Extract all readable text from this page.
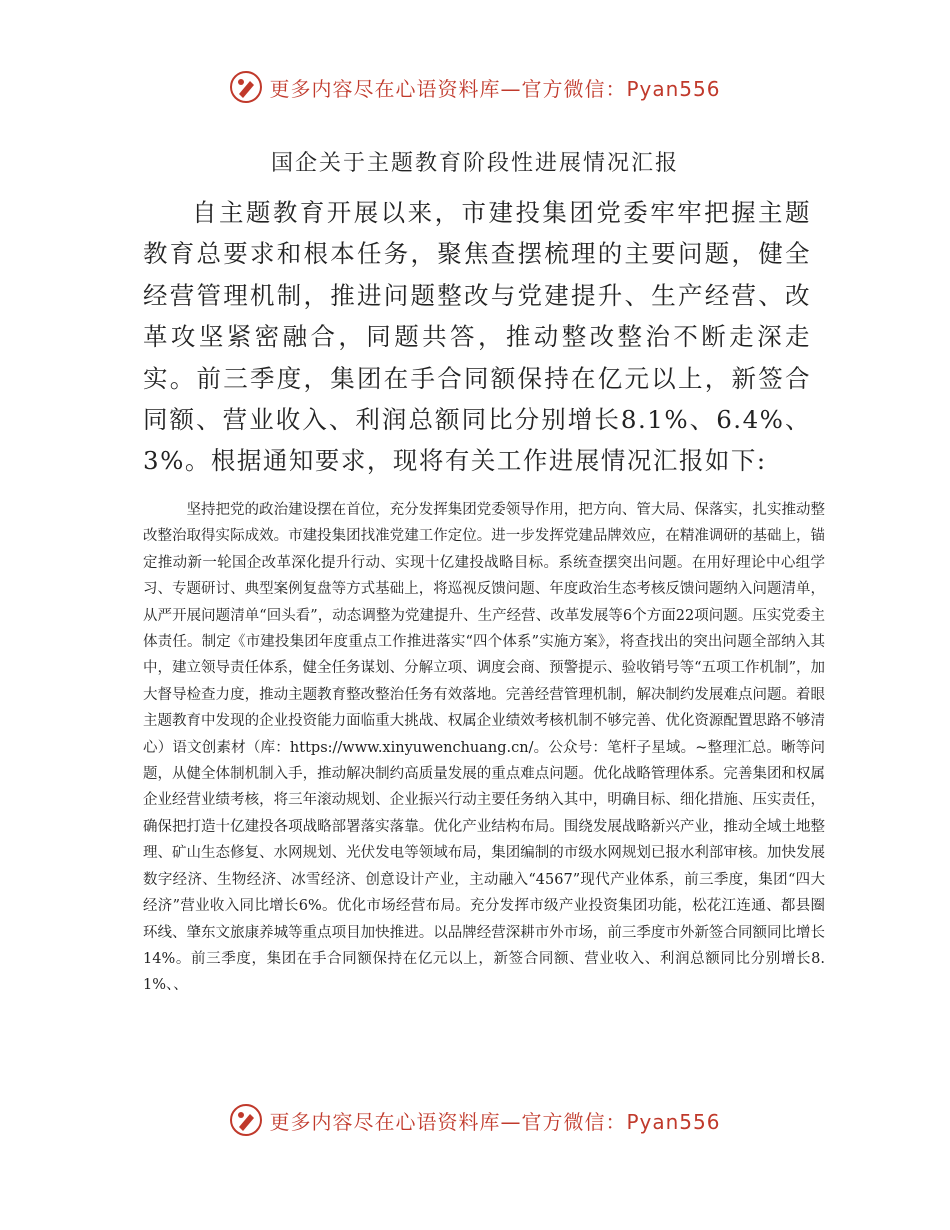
更多内容尽在心语资料库—官方微信：Pyan556
国企关于主题教育阶段性进展情况汇报

自主题教育开展以来，市建投集团党委牢牢把握主题教育总要求和根本任务，聚焦查摆梳理的主要问题，健全经营管理机制，推进问题整改与党建提升、生产经营、改革攻坚紧密融合，同题共答，推动整改整治不断走深走实。前三季度，集团在手合同额保持在亿元以上，新签合同额、营业收入、利润总额同比分别增长8.1%、6.4%、3%。根据通知要求，现将有关工作进展情况汇报如下:

坚持把党的政治建设摆在首位，充分发挥集团党委领导作用，把方向、管大局、保落实，扎实推动整改整治取得实际成效。市建投集团找准党建工作定位。进一步发挥党建品牌效应，在精准调研的基础上，锚定推动新一轮国企改革深化提升行动、实现十亿建投战略目标。系统查摆突出问题。在用好理论中心组学习、专题研讨、典型案例复盘等方式基础上，将巡视反馈问题、年度政治生态考核反馈问题纳入问题清单，从严开展问题清单“回头看”，动态调整为党建提升、生产经营、改革发展等6个方面22项问题。压实党委主体责任。制定《市建投集团年度重点工作推进落实“四个体系”实施方案》，将查找出的突出问题全部纳入其中，建立领导责任体系，健全任务谋划、分解立项、调度会商、预警提示、验收销号等“五项工作机制”，加大督导检查力度，推动主题教育整改整治任务有效落地。完善经营管理机制，解决制约发展难点问题。着眼主题教育中发现的企业投资能力面临重大挑战、权属企业绩效考核机制不够完善、优化资源配置思路不够清心）语文创素材（库：https://www.xinyuwenchuang.cn/。公众号：笔杆子星域。~整理汇总。晰等问题，从健全体制机制入手，推动解决制约高质量发展的重点难点问题。优化战略管理体系。完善集团和权属企业经营业绩考核，将三年滚动规划、企业振兴行动主要任务纳入其中，明确目标、细化措施、压实责任，确保把打造十亿建投各项战略部署落实落靠。优化产业结构布局。围绕发展战略新兴产业，推动全域土地整理、矿山生态修复、水网规划、光伏发电等领域布局，集团编制的市级水网规划已报水利部审核。加快发展数字经济、生物经济、冰雪经济、创意设计产业，主动融入“4567”现代产业体系，前三季度，集团“四大经济”营业收入同比增长6%。优化市场经营布局。充分发挥市级产业投资集团功能，松花江连通、都县圈环线、肇东文旅康养城等重点项目加快推进。以品牌经营深耕市外市场，前三季度市外新签合同额同比增长14%。前三季度，集团在手合同额保持在亿元以上，新签合同额、营业收入、利润总额同比分别增长8.1%、、

更多内容尽在心语资料库—官方微信：Pyan556
